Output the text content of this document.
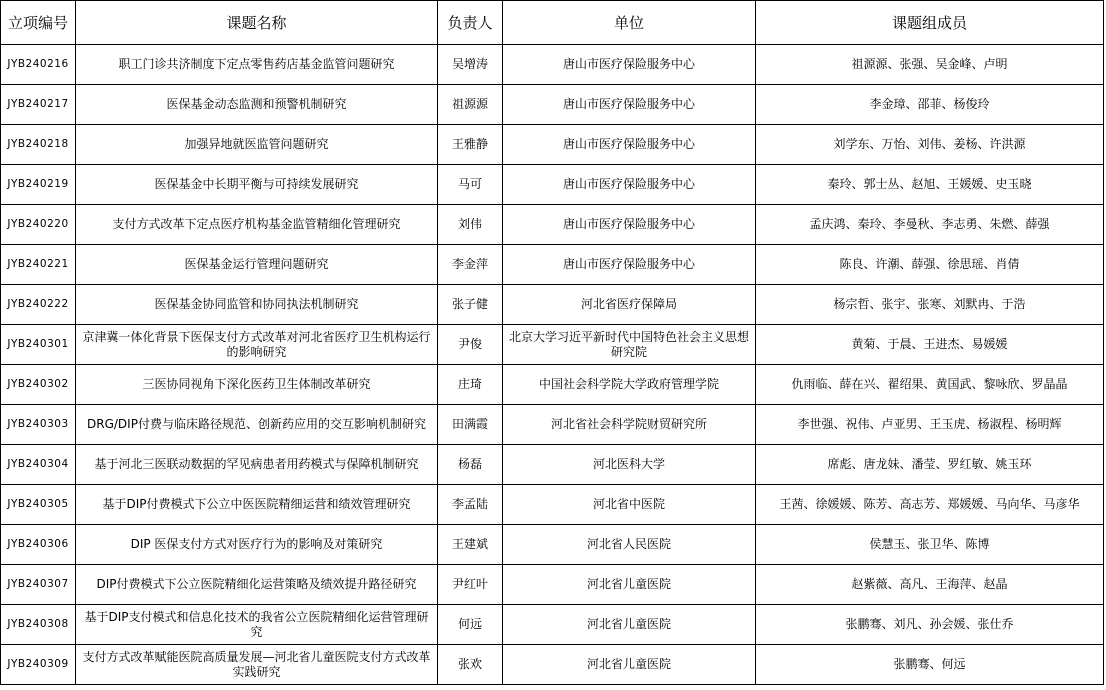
立项编号	课题名称	负责人	单位	课题组成员
JYB240216	职工门诊共济制度下定点零售药店基金监管问题研究	吴增涛	唐山市医疗保险服务中心	祖源源、张强、吴金峰、卢明
JYB240217	医保基金动态监测和预警机制研究	祖源源	唐山市医疗保险服务中心	李金璋、邵菲、杨俊玲
JYB240218	加强异地就医监管问题研究	王雅静	唐山市医疗保险服务中心	刘学东、万怡、刘伟、姜杨、许洪源
JYB240219	医保基金中长期平衡与可持续发展研究	马可	唐山市医疗保险服务中心	秦玲、郭士丛、赵旭、王媛媛、史玉晓
JYB240220	支付方式改革下定点医疗机构基金监管精细化管理研究	刘伟	唐山市医疗保险服务中心	孟庆鸿、秦玲、李曼秋、李志勇、朱燃、薛强
JYB240221	医保基金运行管理问题研究	李金萍	唐山市医疗保险服务中心	陈良、许潮、薛强、徐思瑶、肖倩
JYB240222	医保基金协同监管和协同执法机制研究	张子健	河北省医疗保障局	杨宗哲、张宇、张寒、刘默冉、于浩
JYB240301	京津冀一体化背景下医保支付方式改革对河北省医疗卫生机构运行的影响研究	尹俊	北京大学习近平新时代中国特色社会主义思想研究院	黄菊、于晨、王进杰、易媛媛
JYB240302	三医协同视角下深化医药卫生体制改革研究	庄琦	中国社会科学院大学政府管理学院	仇雨临、薛在兴、翟绍果、黄国武、黎咏欣、罗晶晶
JYB240303	DRG/DIP付费与临床路径规范、创新药应用的交互影响机制研究	田满霞	河北省社会科学院财贸研究所	李世强、祝伟、卢亚男、王玉虎、杨淑程、杨明辉
JYB240304	基于河北三医联动数据的罕见病患者用药模式与保障机制研究	杨磊	河北医科大学	席彪、唐龙妹、潘莹、罗红敏、姚玉环
JYB240305	基于DIP付费模式下公立中医医院精细运营和绩效管理研究	李孟陆	河北省中医院	王茜、徐媛媛、陈芳、高志芳、郑媛媛、马向华、马彦华
JYB240306	DIP 医保支付方式对医疗行为的影响及对策研究	王建斌	河北省人民医院	侯慧玉、张卫华、陈博
JYB240307	DIP付费模式下公立医院精细化运营策略及绩效提升路径研究	尹红叶	河北省儿童医院	赵紫薇、高凡、王海萍、赵晶
JYB240308	基于DIP支付模式和信息化技术的我省公立医院精细化运营管理研究	何远	河北省儿童医院	张鹏骞、刘凡、孙会媛、张仕乔
JYB240309	支付方式改革赋能医院高质量发展—河北省儿童医院支付方式改革实践研究	张欢	河北省儿童医院	张鹏骞、何远
